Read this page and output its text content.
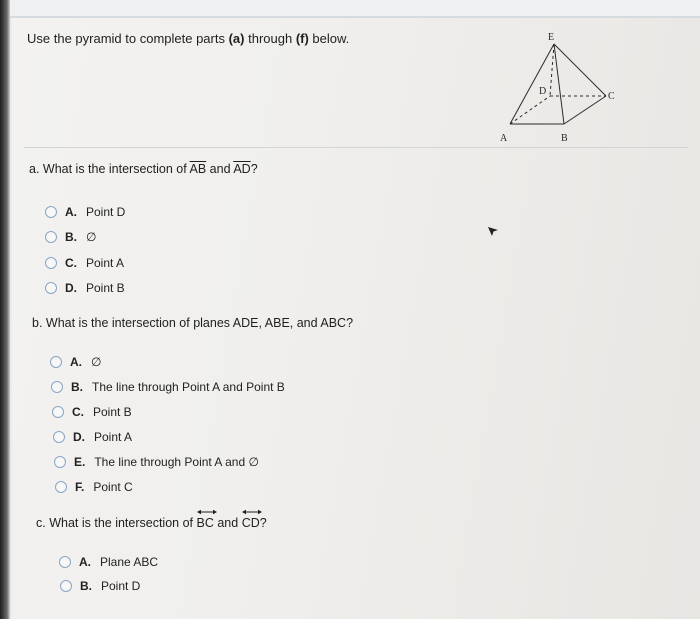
Use the pyramid to complete parts (a) through (f) below.	E
D	C
A	B
a. What is the intersection of $\overline{AB}$ and $\overline{AD}$?
A. Point D
B. ∅
C. Point A
D. Point B
b. What is the intersection of planes ADE, ABE, and ABC?
A. ∅
B. The line through Point A and Point B
C. Point B
D. Point A
E. The line through Point A and ∅
F. Point C
c. What is the intersection of
BC and
CD?
A. Plane ABC
B. Point D
